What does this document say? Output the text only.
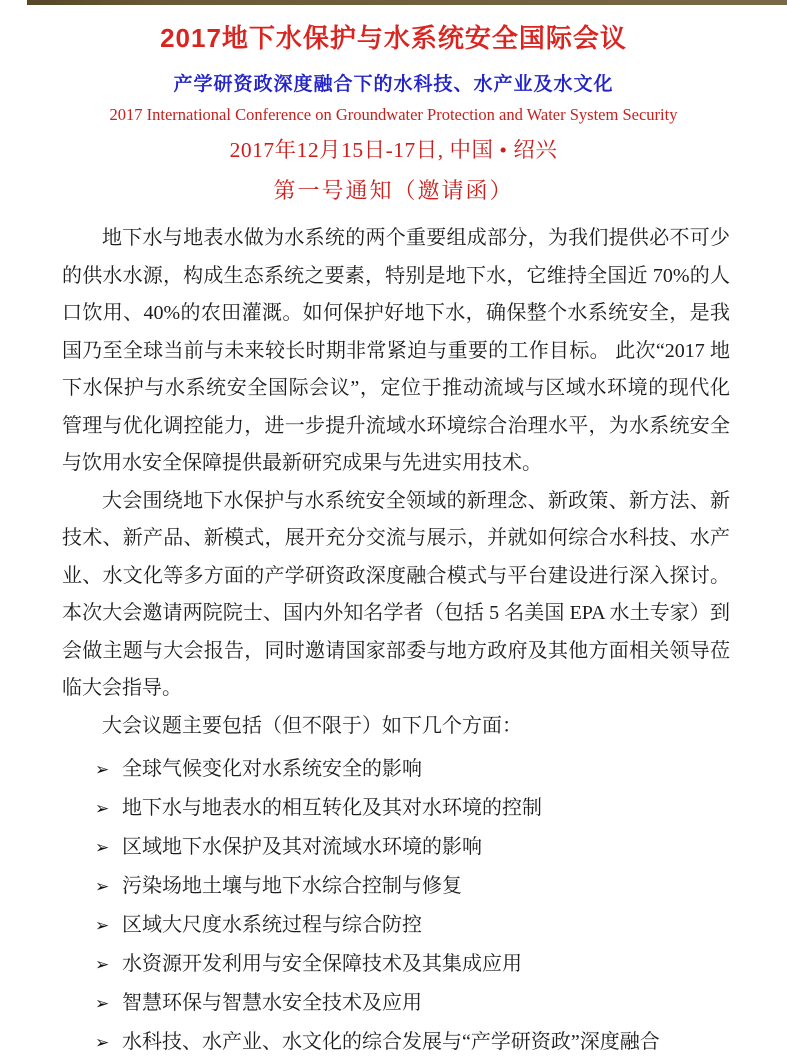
2017地下水保护与水系统安全国际会议
产学研资政深度融合下的水科技、水产业及水文化
2017 International Conference on Groundwater Protection and Water System Security
2017年12月15日-17日, 中国 • 绍兴
第一号通知（邀请函）

地下水与地表水做为水系统的两个重要组成部分，为我们提供必不可少的供水水源，构成生态系统之要素，特别是地下水，它维持全国近 70%的人口饮用、40%的农田灌溉。如何保护好地下水，确保整个水系统安全，是我国乃至全球当前与未来较长时期非常紧迫与重要的工作目标。 此次“2017 地下水保护与水系统安全国际会议”，定位于推动流域与区域水环境的现代化管理与优化调控能力，进一步提升流域水环境综合治理水平，为水系统安全与饮用水安全保障提供最新研究成果与先进实用技术。

大会围绕地下水保护与水系统安全领域的新理念、新政策、新方法、新技术、新产品、新模式，展开充分交流与展示，并就如何综合水科技、水产业、水文化等多方面的产学研资政深度融合模式与平台建设进行深入探讨。本次大会邀请两院院士、国内外知名学者（包括 5 名美国 EPA 水土专家）到会做主题与大会报告，同时邀请国家部委与地方政府及其他方面相关领导莅临大会指导。

大会议题主要包括（但不限于）如下几个方面：

➢ 全球气候变化对水系统安全的影响
➢ 地下水与地表水的相互转化及其对水环境的控制
➢ 区域地下水保护及其对流域水环境的影响
➢ 污染场地土壤与地下水综合控制与修复
➢ 区域大尺度水系统过程与综合防控
➢ 水资源开发利用与安全保障技术及其集成应用
➢ 智慧环保与智慧水安全技术及应用
➢ 水科技、水产业、水文化的综合发展与“产学研资政”深度融合
